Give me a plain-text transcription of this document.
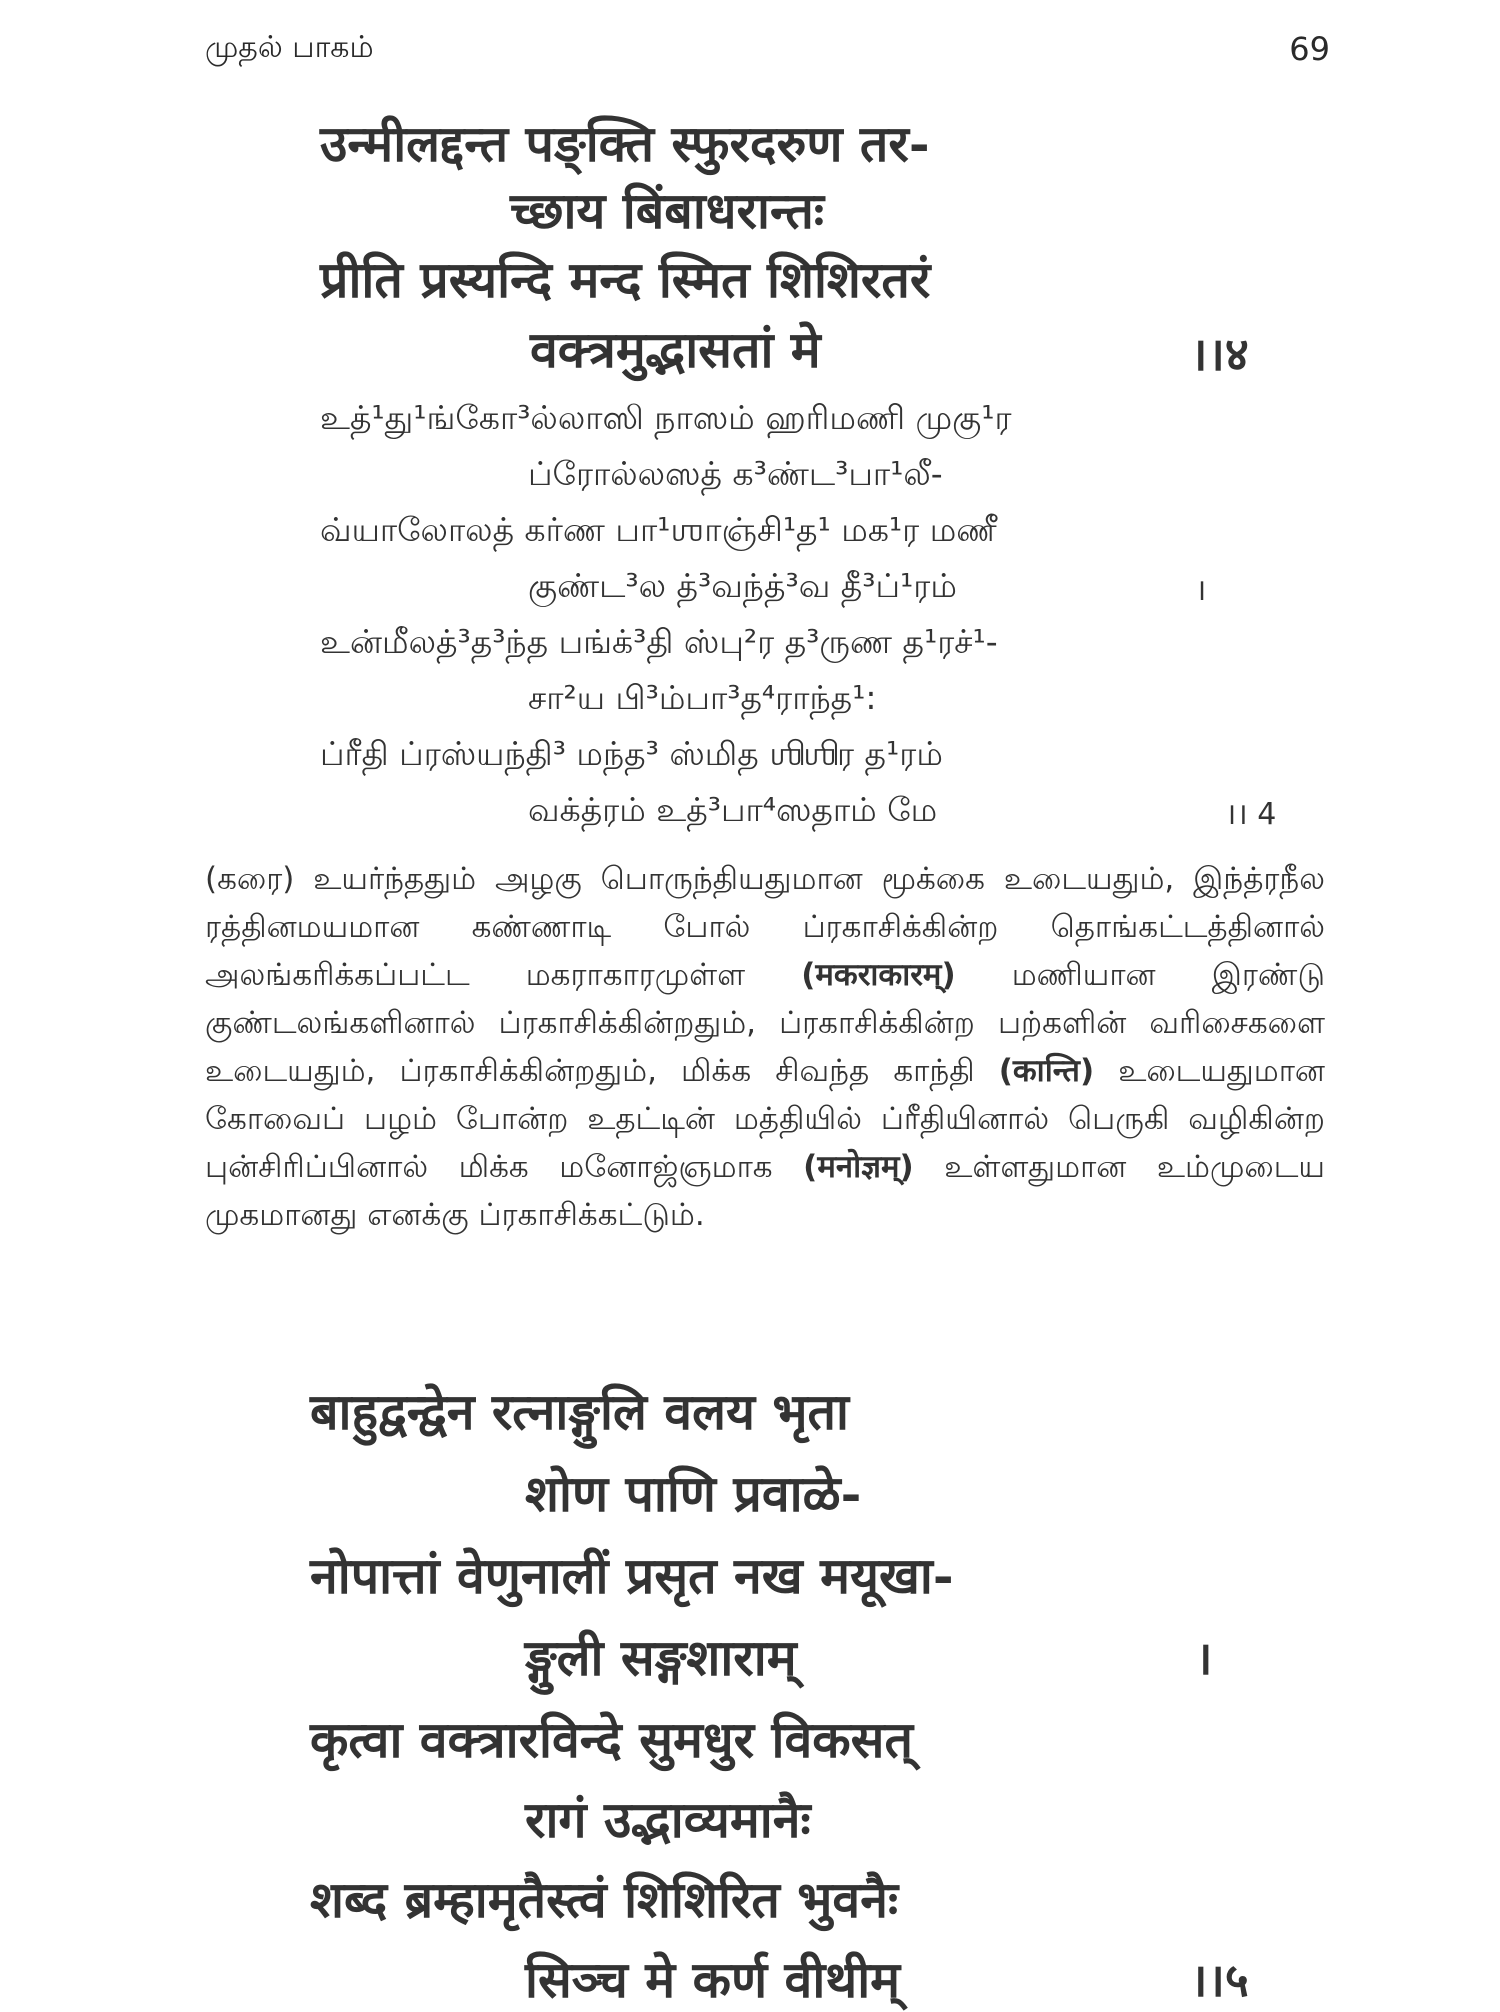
முதல் பாகம்	69
उन्मीलद्दन्त पङ्क्ति स्फुरदरुण तर-
च्छाय बिंबाधरान्तः
प्रीति प्रस्यन्दि मन्द स्मित शिशिरतरं
वक्त्रमुद्भासतां मे	।।४
உத்¹து¹ங்கோ³ல்லாஸி நாஸம் ஹரிமணி முகு¹ர
ப்ரோல்லஸத் க³ண்ட³பா¹லீ-
வ்யாலோலத் கர்ண பா¹ஶாஞ்சி¹த¹ மக¹ர மணீ
குண்ட³ல த்³வந்த்³வ தீ³ப்¹ரம்	।
உன்மீலத்³த³ந்த பங்க்³தி ஸ்பு²ர த³ருண த¹ரச்¹-
சா²ய பி³ம்பா³த⁴ராந்த¹:
ப்ரீதி ப்ரஸ்யந்தி³ மந்த³ ஸ்மித ஶிஶிர த¹ரம்
வக்த்ரம் உத்³பா⁴ஸதாம் மே	।। 4
(கரை) உயர்ந்ததும் அழகு பொருந்தியதுமான மூக்கை உடையதும், இந்த்ரநீல ரத்தினமயமான கண்ணாடி போல் ப்ரகாசிக்கின்ற தொங்கட்டத்தினால் அலங்கரிக்கப்பட்ட மகராகாரமுள்ள (मकराकारम्) மணியான இரண்டு குண்டலங்களினால் ப்ரகாசிக்கின்றதும், ப்ரகாசிக்கின்ற பற்களின் வரிசைகளை உடையதும், ப்ரகாசிக்கின்றதும், மிக்க சிவந்த காந்தி (कान्ति) உடையதுமான கோவைப் பழம் போன்ற உதட்டின் மத்தியில் ப்ரீதியினால் பெருகி வழிகின்ற புன்சிரிப்பினால் மிக்க மனோஜ்ஞமாக (मनोज्ञम्) உள்ளதுமான உம்முடைய முகமானது எனக்கு ப்ரகாசிக்கட்டும்.
बाहुद्वन्द्वेन रत्नाङ्गुलि वलय भृता
शोण पाणि प्रवाळे-
नोपात्तां वेणुनालीं प्रसृत नख मयूखा-
ङ्गुली सङ्गशाराम्	।
कृत्वा वक्त्रारविन्दे सुमधुर विकसत्
रागं उद्भाव्यमानैः
शब्द ब्रम्हामृतैस्त्वं शिशिरित भुवनैः
सिञ्च मे कर्ण वीथीम्	।।५
